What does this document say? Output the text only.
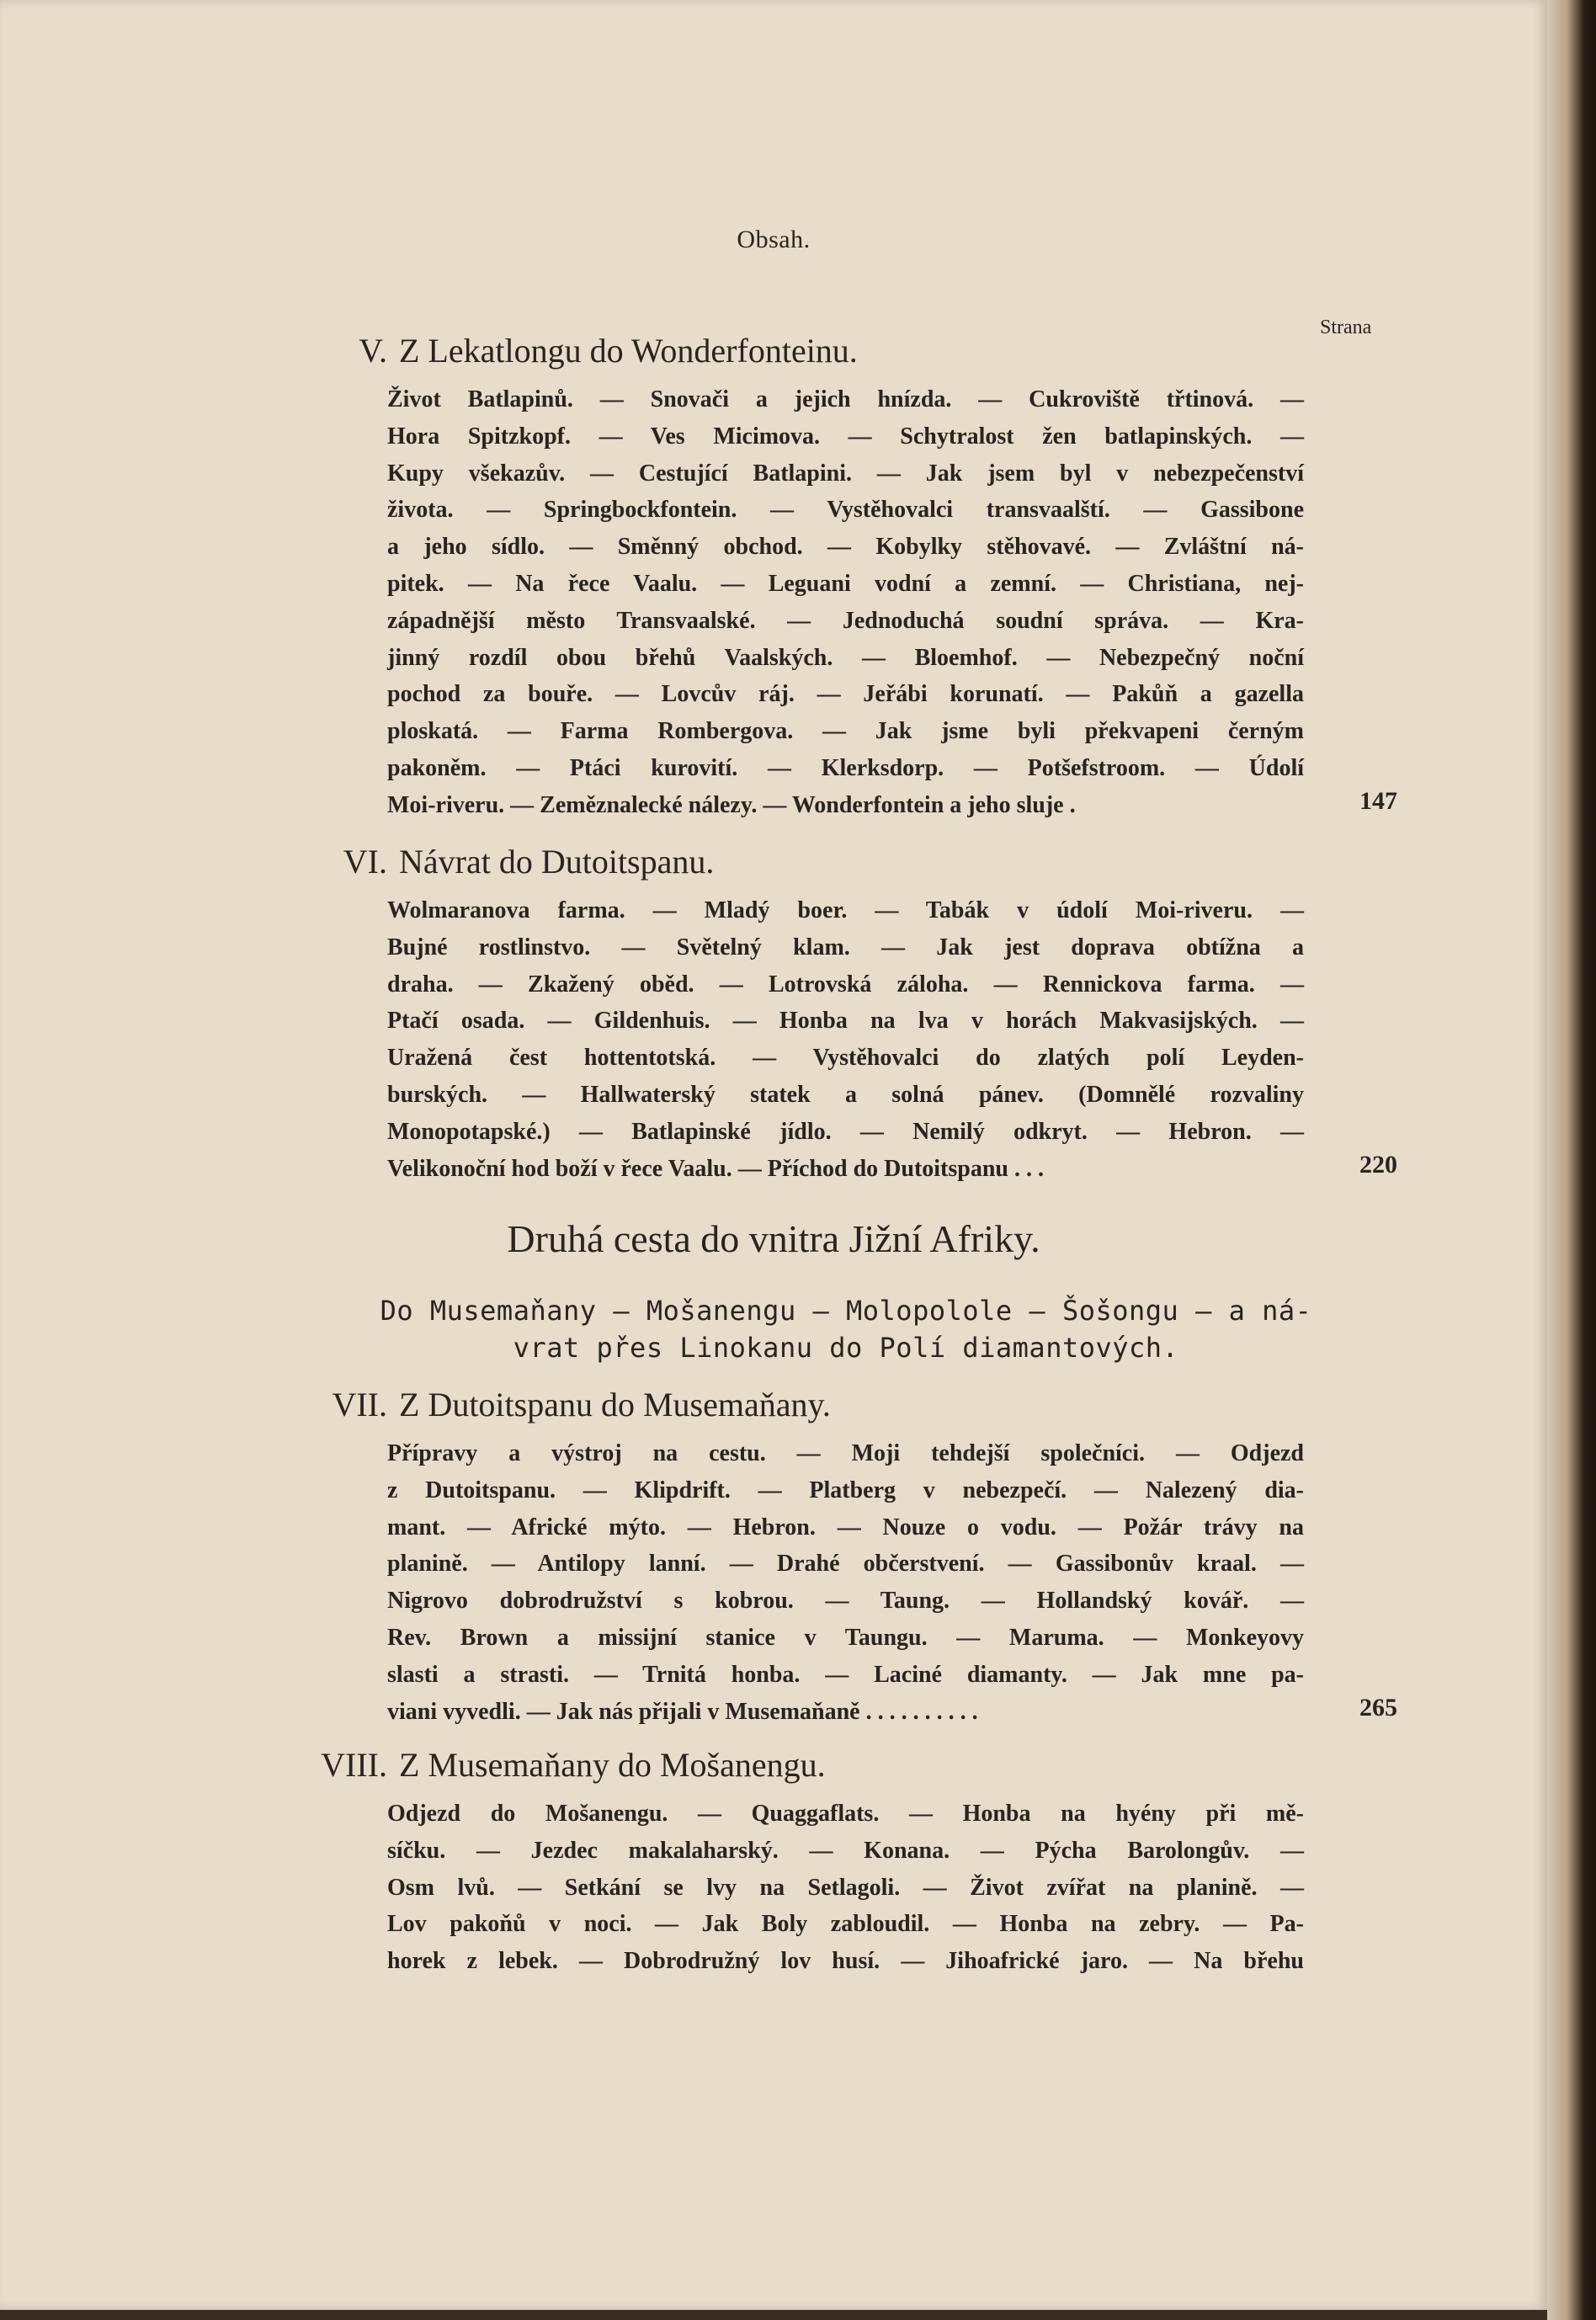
Obsah.
Strana
V. Z Lekatlongu do Wonderfonteinu.
Život Batlapinů. — Snovači a jejich hnízda. — Cukroviště třtinová. —
Hora Spitzkopf. — Ves Micimova. — Schytralost žen batlapinských. —
Kupy všekazův. — Cestující Batlapini. — Jak jsem byl v nebezpečenství
života. — Springbockfontein. — Vystěhovalci transvaalští. — Gassibone
a jeho sídlo. — Směnný obchod. — Kobylky stěhovavé. — Zvláštní ná-
pitek. — Na řece Vaalu. — Leguani vodní a zemní. — Christiana, nej-
západnější město Transvaalské. — Jednoduchá soudní správa. — Kra-
jinný rozdíl obou břehů Vaalských. — Bloemhof. — Nebezpečný noční
pochod za bouře. — Lovcův ráj. — Jeřábi korunatí. — Pakůň a gazella
ploskatá. — Farma Rombergova. — Jak jsme byli překvapeni černým
pakoněm. — Ptáci kurovití. — Klerksdorp. — Potšefstroom. — Údolí
Moi-riveru. — Zeměznalecké nálezy. — Wonderfontein a jeho sluje .	147
VI. Návrat do Dutoitspanu.
Wolmaranova farma. — Mladý boer. — Tabák v údolí Moi-riveru. —
Bujné rostlinstvo. — Světelný klam. — Jak jest doprava obtížna a
draha. — Zkažený oběd. — Lotrovská záloha. — Rennickova farma. —
Ptačí osada. — Gildenhuis. — Honba na lva v horách Makvasijských. —
Uražená čest hottentotská. — Vystěhovalci do zlatých polí Leyden-
burských. — Hallwaterský statek a solná pánev. (Domnělé rozvaliny
Monopotapské.) — Batlapinské jídlo. — Nemilý odkryt. — Hebron. —
Velikonoční hod boží v řece Vaalu. — Příchod do Dutoitspanu . . .	220
Druhá cesta do vnitra Jižní Afriky.
Do Musemaňany — Mošanengu — Molopolole — Šošongu — a ná-
vrat přes Linokanu do Polí diamantových.
VII. Z Dutoitspanu do Musemaňany.
Přípravy a výstroj na cestu. — Moji tehdejší společníci. — Odjezd
z Dutoitspanu. — Klipdrift. — Platberg v nebezpečí. — Nalezený dia-
mant. — Africké mýto. — Hebron. — Nouze o vodu. — Požár trávy na
planině. — Antilopy lanní. — Drahé občerstvení. — Gassibonův kraal. —
Nigrovo dobrodružství s kobrou. — Taung. — Hollandský kovář. —
Rev. Brown a missijní stanice v Taungu. — Maruma. — Monkeyovy
slasti a strasti. — Trnitá honba. — Laciné diamanty. — Jak mne pa-
viani vyvedli. — Jak nás přijali v Musemaňaně . . . . . . . . . .	265
VIII. Z Musemaňany do Mošanengu.
Odjezd do Mošanengu. — Quaggaflats. — Honba na hyény při mě-
síčku. — Jezdec makalaharský. — Konana. — Pýcha Barolongův. —
Osm lvů. — Setkání se lvy na Setlagoli. — Život zvířat na planině. —
Lov pakoňů v noci. — Jak Boly zabloudil. — Honba na zebry. — Pa-
horek z lebek. — Dobrodružný lov husí. — Jihoafrické jaro. — Na břehu
